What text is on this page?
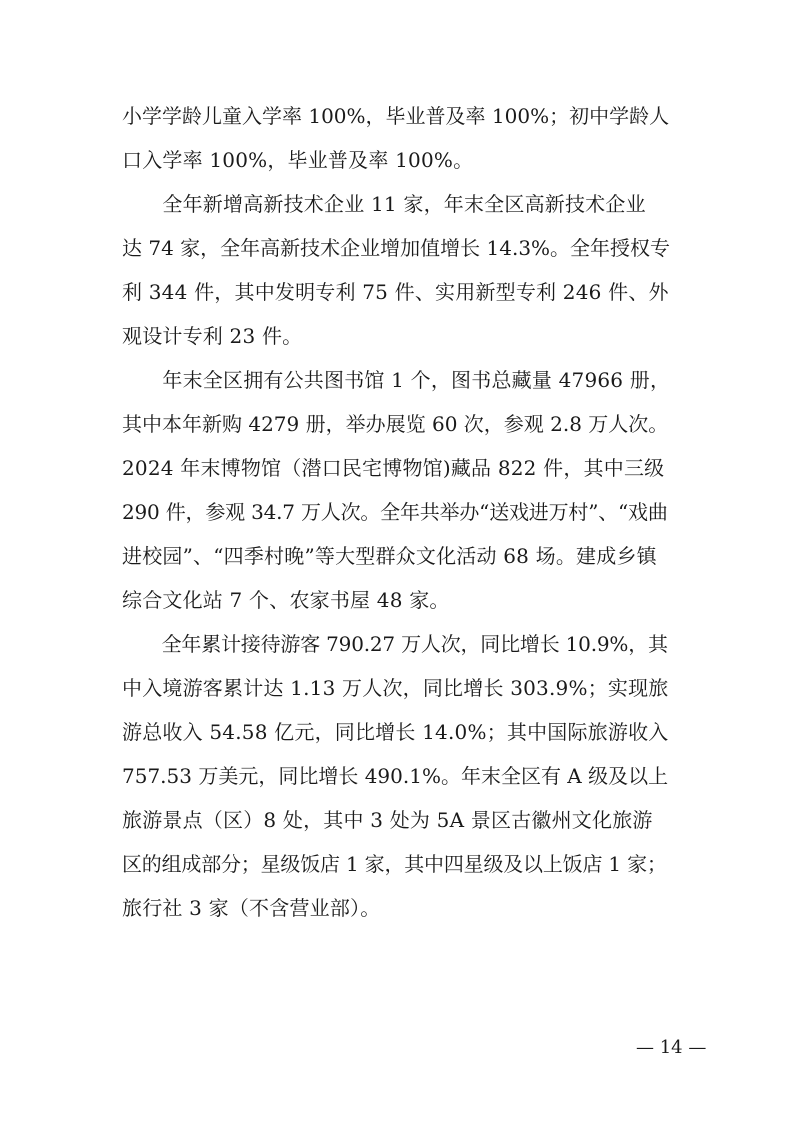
小学学龄儿童入学率 100%，毕业普及率 100%；初中学龄人
口入学率 100%，毕业普及率 100%。
　　全年新增高新技术企业 11 家，年末全区高新技术企业
达 74 家，全年高新技术企业增加值增长 14.3%。全年授权专
利 344 件，其中发明专利 75 件、实用新型专利 246 件、外
观设计专利 23 件。
　　年末全区拥有公共图书馆 1 个，图书总藏量 47966 册，
其中本年新购 4279 册，举办展览 60 次，参观 2.8 万人次。
2024 年末博物馆（潜口民宅博物馆)藏品 822 件，其中三级
290 件，参观 34.7 万人次。全年共举办“送戏进万村”、“戏曲
进校园”、“四季村晚”等大型群众文化活动 68 场。建成乡镇
综合文化站 7 个、农家书屋 48 家。
　　全年累计接待游客 790.27 万人次，同比增长 10.9%，其
中入境游客累计达 1.13 万人次，同比增长 303.9%；实现旅
游总收入 54.58 亿元，同比增长 14.0%；其中国际旅游收入
757.53 万美元，同比增长 490.1%。年末全区有 A 级及以上
旅游景点（区）8 处，其中 3 处为 5A 景区古徽州文化旅游
区的组成部分；星级饭店 1 家，其中四星级及以上饭店 1 家；
旅行社 3 家（不含营业部）。
— 14 —
